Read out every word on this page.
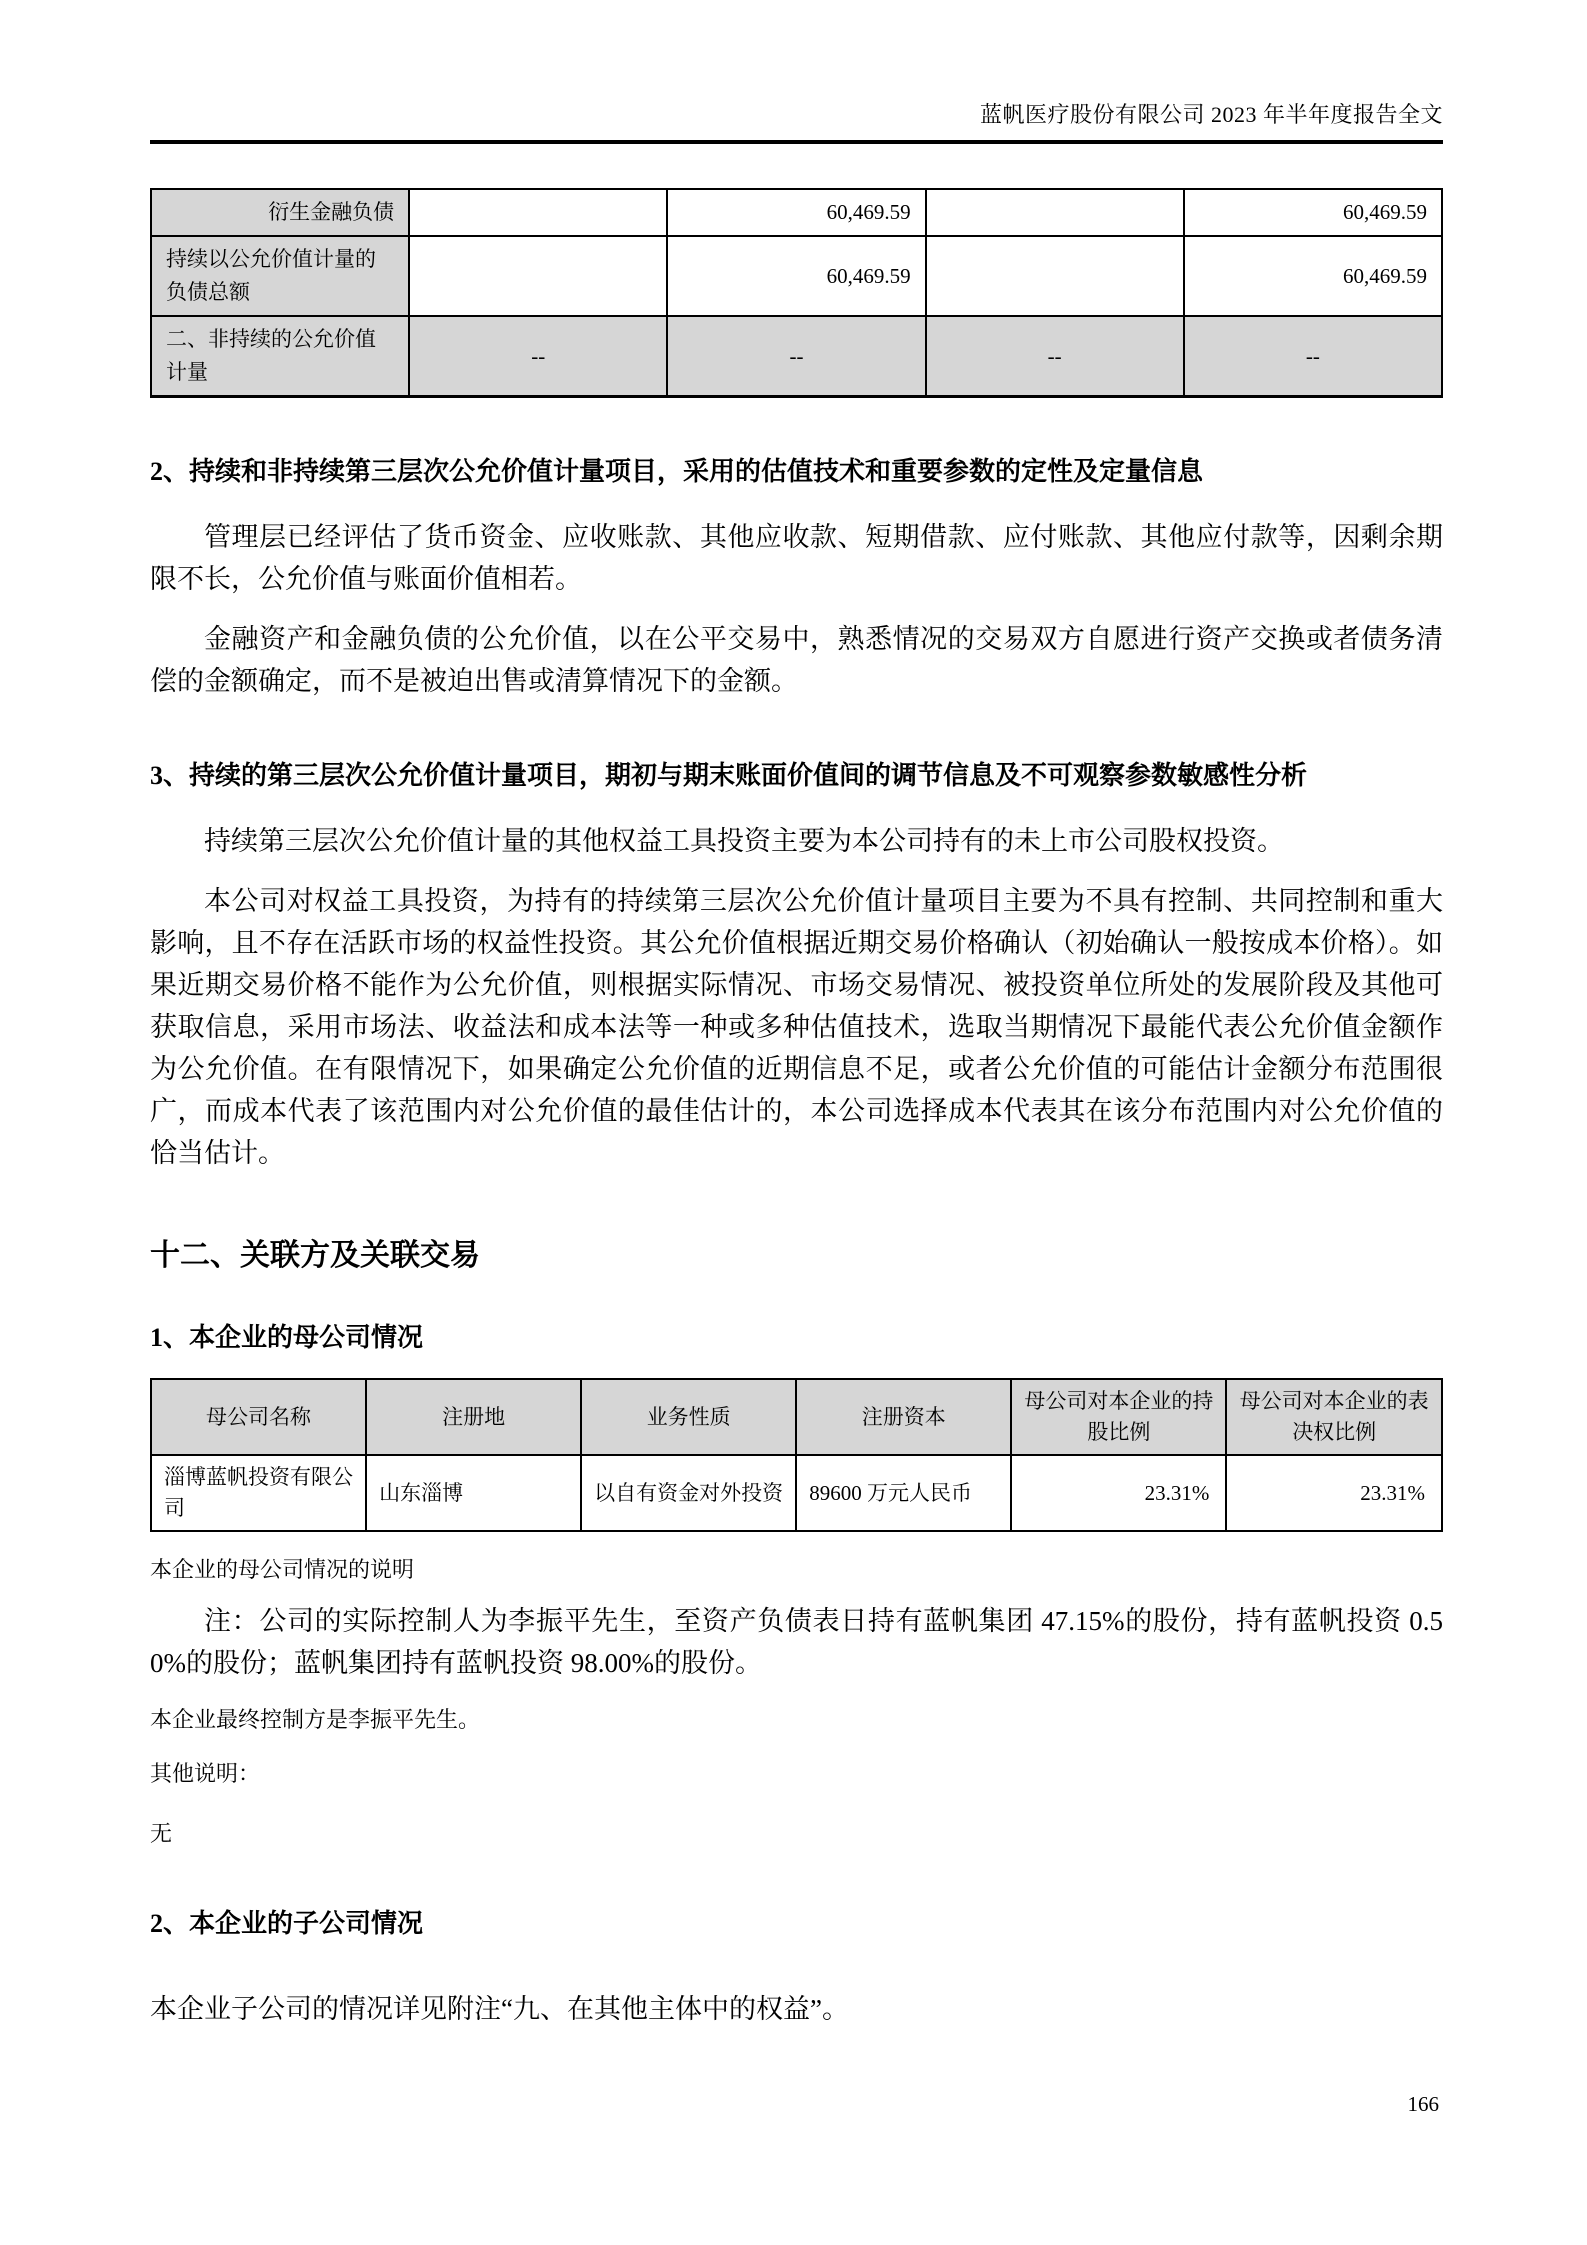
蓝帆医疗股份有限公司 2023 年半年度报告全文
衍生金融负债		60,469.59		60,469.59
持续以公允价值计量的负债总额		60,469.59		60,469.59
二、非持续的公允价值计量	--	--	--	--
2、持续和非持续第三层次公允价值计量项目，采用的估值技术和重要参数的定性及定量信息

管理层已经评估了货币资金、应收账款、其他应收款、短期借款、应付账款、其他应付款等，因剩余期限不长，公允价值与账面价值相若。

金融资产和金融负债的公允价值，以在公平交易中，熟悉情况的交易双方自愿进行资产交换或者债务清偿的金额确定，而不是被迫出售或清算情况下的金额。

3、持续的第三层次公允价值计量项目，期初与期末账面价值间的调节信息及不可观察参数敏感性分析

持续第三层次公允价值计量的其他权益工具投资主要为本公司持有的未上市公司股权投资。

本公司对权益工具投资，为持有的持续第三层次公允价值计量项目主要为不具有控制、共同控制和重大影响，且不存在活跃市场的权益性投资。其公允价值根据近期交易价格确认（初始确认一般按成本价格）。如果近期交易价格不能作为公允价值，则根据实际情况、市场交易情况、被投资单位所处的发展阶段及其他可获取信息，采用市场法、收益法和成本法等一种或多种估值技术，选取当期情况下最能代表公允价值金额作为公允价值。在有限情况下，如果确定公允价值的近期信息不足，或者公允价值的可能估计金额分布范围很广，而成本代表了该范围内对公允价值的最佳估计的，本公司选择成本代表其在该分布范围内对公允价值的恰当估计。

十二、关联方及关联交易
1、本企业的母公司情况
母公司名称	注册地	业务性质	注册资本	母公司对本企业的持股比例	母公司对本企业的表决权比例
淄博蓝帆投资有限公司	山东淄博	以自有资金对外投资	89600 万元人民币	23.31%	23.31%
本企业的母公司情况的说明

注：公司的实际控制人为李振平先生，至资产负债表日持有蓝帆集团 47.15%的股份，持有蓝帆投资 0.50%的股份；蓝帆集团持有蓝帆投资 98.00%的股份。

本企业最终控制方是李振平先生。
其他说明：
无
2、本企业的子公司情况

本企业子公司的情况详见附注“九、在其他主体中的权益”。

166
